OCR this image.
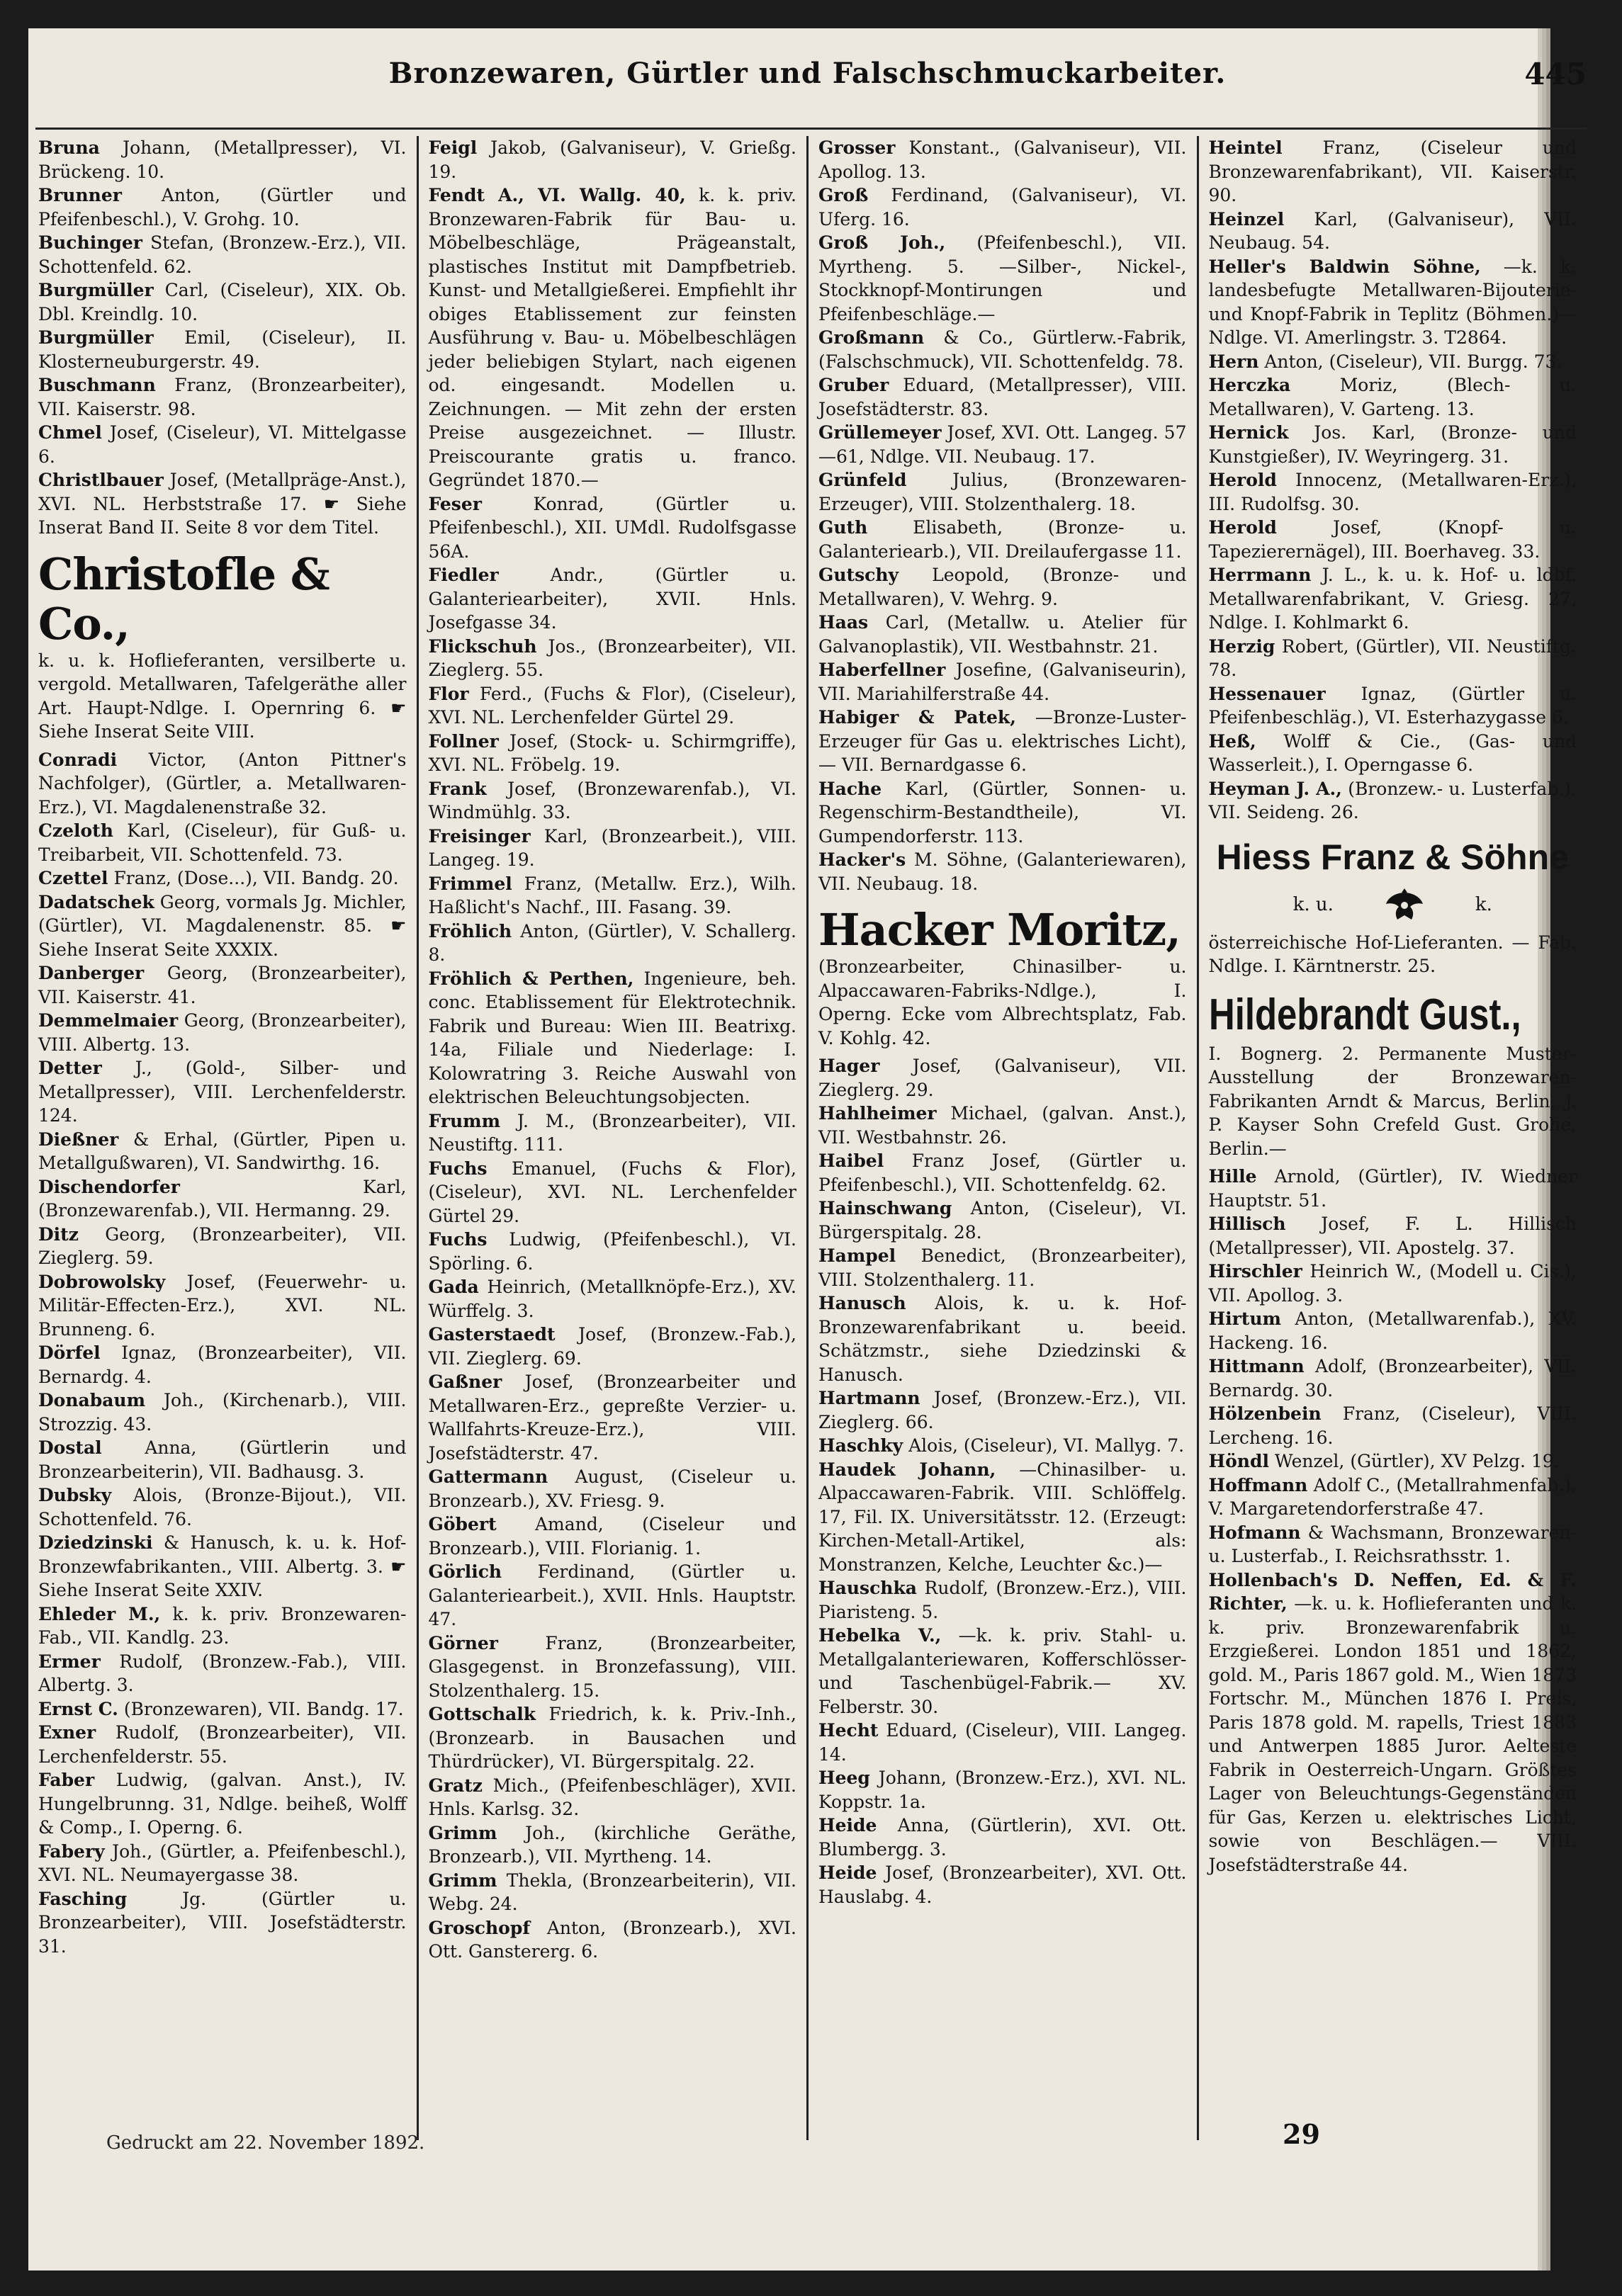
Bronzewaren, Gürtler und Falschschmuckarbeiter.	445

Bruna Johann, (Metallpresser), VI. Brückeng. 10.

Brunner Anton, (Gürtler und Pfeifenbeschl.), V. Grohg. 10.

Buchinger Stefan, (Bronzew.-Erz.), VII. Schottenfeld. 62.

Burgmüller Carl, (Ciseleur), XIX. Ob. Dbl. Kreindlg. 10.

Burgmüller Emil, (Ciseleur), II. Klosterneuburgerstr. 49.

Buschmann Franz, (Bronzearbeiter), VII. Kaiserstr. 98.

Chmel Josef, (Ciseleur), VI. Mittelgasse 6.

Christlbauer Josef, (Metallpräge-Anst.), XVI. NL. Herbststraße 17. ☛ Siehe Inserat Band II. Seite 8 vor dem Titel.

Christofle & Co.,
k. u. k. Hoflieferanten, versilberte u. vergold. Metallwaren, Tafelgeräthe aller Art. Haupt-Ndlge. I. Opernring 6. ☛ Siehe Inserat Seite VIII.

Conradi Victor, (Anton Pittner's Nachfolger), (Gürtler, a. Metallwaren-Erz.), VI. Magdalenenstraße 32.

Czeloth Karl, (Ciseleur), für Guß- u. Treibarbeit, VII. Schottenfeld. 73.

Czettel Franz, (Dose...), VII. Bandg. 20.

Dadatschek Georg, vormals Jg. Michler, (Gürtler), VI. Magdalenenstr. 85. ☛ Siehe Inserat Seite XXXIX.

Danberger Georg, (Bronzearbeiter), VII. Kaiserstr. 41.

Demmelmaier Georg, (Bronzearbeiter), VIII. Albertg. 13.

Detter J., (Gold-, Silber- und Metallpresser), VIII. Lerchenfelderstr. 124.

Dießner & Erhal, (Gürtler, Pipen u. Metallgußwaren), VI. Sandwirthg. 16.

Dischendorfer	Karl, (Bronzewarenfab.), VII. Hermanng. 29.

Ditz Georg, (Bronzearbeiter), VII. Zieglerg. 59.

Dobrowolsky Josef, (Feuerwehr- u. Militär-Effecten-Erz.), XVI. NL. Brunneng. 6.

Dörfel Ignaz, (Bronzearbeiter), VII. Bernardg. 4.

Donabaum Joh., (Kirchenarb.), VIII. Strozzig. 43.

Dostal Anna, (Gürtlerin und Bronzearbeiterin), VII. Badhausg. 3.

Dubsky Alois, (Bronze-Bijout.), VII. Schottenfeld. 76.

Dziedzinski & Hanusch, k. u. k. Hof-Bronzewfabrikanten., VIII. Albertg. 3. ☛ Siehe Inserat Seite XXIV.

Ehleder M., k. k. priv. Bronzewaren-Fab., VII. Kandlg. 23.

Ermer Rudolf, (Bronzew.-Fab.), VIII. Albertg. 3.

Ernst C. (Bronzewaren), VII. Bandg. 17.

Exner Rudolf, (Bronzearbeiter), VII. Lerchenfelderstr. 55.

Faber Ludwig, (galvan. Anst.), IV. Hungelbrunng. 31, Ndlge. beiheß, Wolff & Comp., I. Operng. 6.

Fabery Joh., (Gürtler, a. Pfeifenbeschl.), XVI. NL. Neumayergasse 38.

Fasching	Jg. (Gürtler u. Bronzearbeiter), VIII. Josefstädterstr. 31.

Feigl Jakob, (Galvaniseur), V. Grießg. 19.

Fendt A., VI. Wallg. 40, k. k. priv. Bronzewaren-Fabrik für Bau- u. Möbelbeschläge, Prägeanstalt, plastisches Institut mit Dampfbetrieb. Kunst- und Metallgießerei. Empfiehlt ihr obiges Etablissement zur feinsten Ausführung v. Bau- u. Möbelbeschlägen jeder beliebigen Stylart, nach eigenen od. eingesandt. Modellen u. Zeichnungen. — Mit zehn der ersten Preise ausgezeichnet. — Illustr. Preiscourante gratis u. franco. Gegründet 1870.—

Feser	Konrad, (Gürtler u. Pfeifenbeschl.), XII. UMdl. Rudolfsgasse 56A.

Fiedler	Andr., (Gürtler u. Galanteriearbeiter), XVII. Hnls. Josefgasse 34.

Flickschuh Jos., (Bronzearbeiter), VII. Zieglerg. 55.

Flor Ferd., (Fuchs & Flor), (Ciseleur), XVI. NL. Lerchenfelder Gürtel 29.

Follner Josef, (Stock- u. Schirmgriffe), XVI. NL. Fröbelg. 19.

Frank Josef, (Bronzewarenfab.), VI. Windmühlg. 33.

Freisinger Karl, (Bronzearbeit.), VIII. Langeg. 19.

Frimmel Franz, (Metallw. Erz.), Wilh. Haßlicht's Nachf., III. Fasang. 39.

Fröhlich Anton, (Gürtler), V. Schallerg. 8.

Fröhlich & Perthen, Ingenieure, beh. conc. Etablissement für Elektrotechnik. Fabrik und Bureau: Wien III. Beatrixg. 14a, Filiale und Niederlage: I. Kolowratring 3. Reiche Auswahl von elektrischen Beleuchtungsobjecten.

Frumm J. M., (Bronzearbeiter), VII. Neustiftg. 111.

Fuchs Emanuel, (Fuchs & Flor), (Ciseleur), XVI. NL. Lerchenfelder Gürtel 29.

Fuchs Ludwig, (Pfeifenbeschl.), VI. Spörling. 6.

Gada Heinrich, (Metallknöpfe-Erz.), XV. Würffelg. 3.

Gasterstaedt Josef, (Bronzew.-Fab.), VII. Zieglerg. 69.

Gaßner Josef, (Bronzearbeiter und Metallwaren-Erz., gepreßte Verzier- u. Wallfahrts-Kreuze-Erz.), VIII. Josefstädterstr. 47.

Gattermann August, (Ciseleur u. Bronzearb.), XV. Friesg. 9.

Göbert Amand, (Ciseleur und Bronzearb.), VIII. Florianig. 1.

Görlich Ferdinand, (Gürtler u. Galanteriearbeit.), XVII. Hnls. Hauptstr. 47.

Görner	Franz, (Bronzearbeiter, Glasgegenst. in Bronzefassung), VIII. Stolzenthalerg. 15.

Gottschalk Friedrich, k. k. Priv.-Inh., (Bronzearb. in Bausachen und Thürdrücker), VI. Bürgerspitalg. 22.

Gratz Mich., (Pfeifenbeschläger), XVII. Hnls. Karlsg. 32.

Grimm Joh., (kirchliche Geräthe, Bronzearb.), VII. Myrtheng. 14.

Grimm Thekla, (Bronzearbeiterin), VII. Webg. 24.

Groschopf Anton, (Bronzearb.), XVI. Ott. Ganstererg. 6.

Grosser Konstant., (Galvaniseur), VII. Apollog. 13.

Groß Ferdinand, (Galvaniseur), VI. Uferg. 16.

Groß Joh., (Pfeifenbeschl.), VII. Myrtheng. 5. —Silber-, Nickel-, Stockknopf-Montirungen und Pfeifenbeschläge.—

Großmann & Co., Gürtlerw.-Fabrik, (Falschschmuck), VII. Schottenfeldg. 78.

Gruber Eduard, (Metallpresser), VIII. Josefstädterstr. 83.

Grüllemeyer Josef, XVI. Ott. Langeg. 57—61, Ndlge. VII. Neubaug. 17.

Grünfeld	Julius, (Bronzewaren-Erzeuger), VIII. Stolzenthalerg. 18.

Guth	Elisabeth, (Bronze- u. Galanteriearb.), VII. Dreilaufergasse 11.

Gutschy Leopold, (Bronze- und Metallwaren), V. Wehrg. 9.

Haas Carl, (Metallw. u. Atelier für Galvanoplastik), VII. Westbahnstr. 21.

Haberfellner Josefine, (Galvaniseurin), VII. Mariahilferstraße 44.

Habiger & Patek, —Bronze-Luster-Erzeuger für Gas u. elektrisches Licht),— VII. Bernardgasse 6.

Hache Karl, (Gürtler, Sonnen- u. Regenschirm-Bestandtheile), VI. Gumpendorferstr. 113.

Hacker's M. Söhne, (Galanteriewaren), VII. Neubaug. 18.

Hacker Moritz,
(Bronzearbeiter, Chinasilber- u. Alpaccawaren-Fabriks-Ndlge.), I. Operng. Ecke vom Albrechtsplatz, Fab. V. Kohlg. 42.

Hager Josef, (Galvaniseur), VII. Zieglerg. 29.

Hahlheimer Michael, (galvan. Anst.), VII. Westbahnstr. 26.

Haibel Franz Josef, (Gürtler u. Pfeifenbeschl.), VII. Schottenfeldg. 62.

Hainschwang Anton, (Ciseleur), VI. Bürgerspitalg. 28.

Hampel Benedict, (Bronzearbeiter), VIII. Stolzenthalerg. 11.

Hanusch Alois, k. u. k. Hof-Bronzewarenfabrikant u. beeid. Schätzmstr., siehe Dziedzinski & Hanusch.

Hartmann Josef, (Bronzew.-Erz.), VII. Zieglerg. 66.

Haschky Alois, (Ciseleur), VI. Mallyg. 7.

Haudek Johann, —Chinasilber- u. Alpaccawaren-Fabrik. VIII. Schlöffelg. 17, Fil. IX. Universitätsstr. 12. (Erzeugt: Kirchen-Metall-Artikel, als: Monstranzen, Kelche, Leuchter &c.)—

Hauschka Rudolf, (Bronzew.-Erz.), VIII. Piaristeng. 5.

Hebelka V., —k. k. priv. Stahl- u. Metallgalanteriewaren, Kofferschlösser- und Taschenbügel-Fabrik.— XV. Felberstr. 30.

Hecht Eduard, (Ciseleur), VIII. Langeg. 14.

Heeg Johann, (Bronzew.-Erz.), XVI. NL. Koppstr. 1a.

Heide Anna, (Gürtlerin), XVI. Ott. Blumbergg. 3.

Heide Josef, (Bronzearbeiter), XVI. Ott. Hauslabg. 4.

Heintel Franz, (Ciseleur und Bronzewarenfabrikant), VII. Kaiserstr. 90.

Heinzel Karl, (Galvaniseur), VII. Neubaug. 54.

Heller's Baldwin Söhne, —k. k. landesbefugte Metallwaren-Bijouterie- und Knopf-Fabrik in Teplitz (Böhmen.)— Ndlge. VI. Amerlingstr. 3. T2864.

Hern Anton, (Ciseleur), VII. Burgg. 73.

Herczka	Moriz, (Blech- u. Metallwaren), V. Garteng. 13.

Hernick Jos. Karl, (Bronze- und Kunstgießer), IV. Weyringerg. 31.

Herold Innocenz, (Metallwaren-Erz.), III. Rudolfsg. 30.

Herold	Josef, (Knopf- u. Tapezierernägel), III. Boerhaveg. 33.

Herrmann J. L., k. u. k. Hof- u. ldbf. Metallwarenfabrikant, V. Griesg. 27, Ndlge. I. Kohlmarkt 6.

Herzig Robert, (Gürtler), VII. Neustiftg. 78.

Hessenauer Ignaz, (Gürtler u. Pfeifenbeschläg.), VI. Esterhazygasse 6.

Heß, Wolff & Cie., (Gas- und Wasserleit.), I. Operngasse 6.

Heyman J. A., (Bronzew.- u. Lusterfab.), VII. Seideng. 26.

Hiess Franz & Söhne
k. u.	k.
österreichische Hof-Lieferanten. — Fab. Ndlge. I. Kärntnerstr. 25.

Hildebrandt Gust.,
I. Bognerg. 2. Permanente Muster-Ausstellung der Bronzewaren-Fabrikanten Arndt & Marcus, Berlin, J. P. Kayser Sohn Crefeld Gust. Grohe, Berlin.—

Hille Arnold, (Gürtler), IV. Wiedner Hauptstr. 51.

Hillisch Josef, F. L. Hillisch (Metallpresser), VII. Apostelg. 37.

Hirschler Heinrich W., (Modell u. Cis.), VII. Apollog. 3.

Hirtum Anton, (Metallwarenfab.), XV. Hackeng. 16.

Hittmann Adolf, (Bronzearbeiter), VII. Bernardg. 30.

Hölzenbein Franz, (Ciseleur), VIII. Lercheng. 16.

Höndl Wenzel, (Gürtler), XV Pelzg. 19.

Hoffmann Adolf C., (Metallrahmenfab.), V. Margaretendorferstraße 47.

Hofmann & Wachsmann, Bronzewaren- u. Lusterfab., I. Reichsrathsstr. 1.

Hollenbach's D. Neffen, Ed. & F. Richter, —k. u. k. Hoflieferanten und k. k. priv. Bronzewarenfabrik u. Erzgießerei. London 1851 und 1862, gold. M., Paris 1867 gold. M., Wien 1873 Fortschr. M., München 1876 I. Preis, Paris 1878 gold. M. rapells, Triest 1883 und Antwerpen 1885 Juror. Aelteste Fabrik in Oesterreich-Ungarn. Größtes Lager von Beleuchtungs-Gegenständen für Gas, Kerzen u. elektrisches Licht, sowie von Beschlägen.— VIII. Josefstädterstraße 44.

Gedruckt am 22. November 1892.	29
